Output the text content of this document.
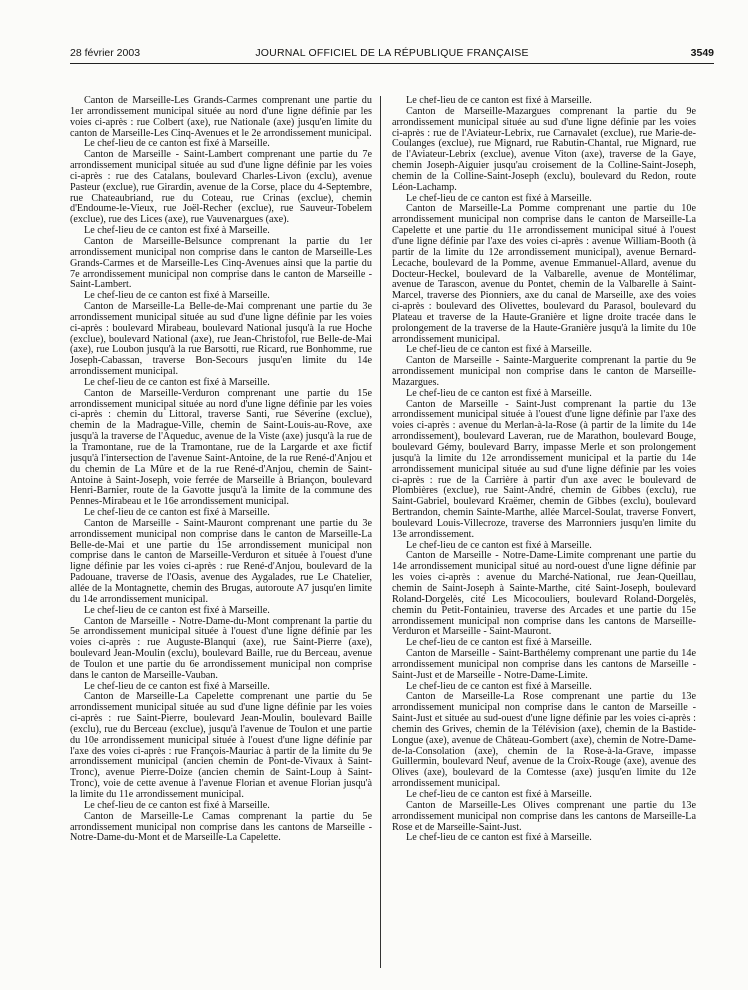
28 février 2003	JOURNAL OFFICIEL DE LA RÉPUBLIQUE FRANÇAISE	3549

Canton de Marseille-Les Grands-Carmes comprenant une partie du 1er arrondissement municipal située au nord d'une ligne définie par les voies ci-après : rue Colbert (axe), rue Nationale (axe) jusqu'en limite du canton de Marseille-Les Cinq-Avenues et le 2e arrondissement municipal.

Le chef-lieu de ce canton est fixé à Marseille.

Canton de Marseille - Saint-Lambert comprenant une partie du 7e arrondissement municipal située au sud d'une ligne définie par les voies ci-après : rue des Catalans, boulevard Charles-Livon (exclu), avenue Pasteur (exclue), rue Girardin, avenue de la Corse, place du 4-Septembre, rue Chateaubriand, rue du Coteau, rue Crinas (exclue), chemin d'Endoume-le-Vieux, rue Joël-Recher (exclue), rue Sauveur-Tobelem (exclue), rue des Lices (axe), rue Vauvenargues (axe).

Le chef-lieu de ce canton est fixé à Marseille.

Canton de Marseille-Belsunce comprenant la partie du 1er arrondissement municipal non comprise dans le canton de Marseille-Les Grands-Carmes et de Marseille-Les Cinq-Avenues ainsi que la partie du 7e arrondissement municipal non comprise dans le canton de Marseille - Saint-Lambert.

Le chef-lieu de ce canton est fixé à Marseille.

Canton de Marseille-La Belle-de-Mai comprenant une partie du 3e arrondissement municipal située au sud d'une ligne définie par les voies ci-après : boulevard Mirabeau, boulevard National jusqu'à la rue Hoche (exclue), boulevard National (axe), rue Jean-Christofol, rue Belle-de-Mai (axe), rue Loubon jusqu'à la rue Barsotti, rue Ricard, rue Bonhomme, rue Joseph-Cabassan, traverse Bon-Secours jusqu'en limite du 14e arrondissement municipal.

Le chef-lieu de ce canton est fixé à Marseille.

Canton de Marseille-Verduron comprenant une partie du 15e arrondissement municipal située au nord d'une ligne définie par les voies ci-après : chemin du Littoral, traverse Santi, rue Séverine (exclue), chemin de la Madrague-Ville, chemin de Saint-Louis-au-Rove, axe jusqu'à la traverse de l'Aqueduc, avenue de la Viste (axe) jusqu'à la rue de la Tramontane, rue de la Tramontane, rue de la Largarde et axe fictif jusqu'à l'intersection de l'avenue Saint-Antoine, de la rue René-d'Anjou et du chemin de La Mûre et de la rue René-d'Anjou, chemin de Saint-Antoine à Saint-Joseph, voie ferrée de Marseille à Briançon, boulevard Henri-Barnier, route de la Gavotte jusqu'à la limite de la commune des Pennes-Mirabeau et le 16e arrondissement municipal.

Le chef-lieu de ce canton est fixé à Marseille.

Canton de Marseille - Saint-Mauront comprenant une partie du 3e arrondissement municipal non comprise dans le canton de Marseille-La Belle-de-Mai et une partie du 15e arrondissement municipal non comprise dans le canton de Marseille-Verduron et située à l'ouest d'une ligne définie par les voies ci-après : rue René-d'Anjou, boulevard de la Padouane, traverse de l'Oasis, avenue des Aygalades, rue Le Chatelier, allée de la Montagnette, chemin des Brugas, autoroute A7 jusqu'en limite du 14e arrondissement municipal.

Le chef-lieu de ce canton est fixé à Marseille.

Canton de Marseille - Notre-Dame-du-Mont comprenant la partie du 5e arrondissement municipal située à l'ouest d'une ligne définie par les voies ci-après : rue Auguste-Blanqui (axe), rue Saint-Pierre (axe), boulevard Jean-Moulin (exclu), boulevard Baille, rue du Berceau, avenue de Toulon et une partie du 6e arrondissement municipal non comprise dans le canton de Marseille-Vauban.

Le chef-lieu de ce canton est fixé à Marseille.

Canton de Marseille-La Capelette comprenant une partie du 5e arrondissement municipal située au sud d'une ligne définie par les voies ci-après : rue Saint-Pierre, boulevard Jean-Moulin, boulevard Baille (exclu), rue du Berceau (exclue), jusqu'à l'avenue de Toulon et une partie du 10e arrondissement municipal située à l'ouest d'une ligne définie par l'axe des voies ci-après : rue François-Mauriac à partir de la limite du 9e arrondissement municipal (ancien chemin de Pont-de-Vivaux à Saint-Tronc), avenue Pierre-Doize (ancien chemin de Saint-Loup à Saint-Tronc), voie de cette avenue à l'avenue Florian et avenue Florian jusqu'à la limite du 11e arrondissement municipal.

Le chef-lieu de ce canton est fixé à Marseille.

Canton de Marseille-Le Camas comprenant la partie du 5e arrondissement municipal non comprise dans les cantons de Marseille - Notre-Dame-du-Mont et de Marseille-La Capelette.

Le chef-lieu de ce canton est fixé à Marseille.

Canton de Marseille-Mazargues comprenant la partie du 9e arrondissement municipal située au sud d'une ligne définie par les voies ci-après : rue de l'Aviateur-Lebrix, rue Carnavalet (exclue), rue Marie-de-Coulanges (exclue), rue Mignard, rue Rabutin-Chantal, rue Mignard, rue de l'Aviateur-Lebrix (exclue), avenue Viton (axe), traverse de la Gaye, chemin Joseph-Aiguier jusqu'au croisement de la Colline-Saint-Joseph, chemin de la Colline-Saint-Joseph (exclu), boulevard du Redon, route Léon-Lachamp.

Le chef-lieu de ce canton est fixé à Marseille.

Canton de Marseille-La Pomme comprenant une partie du 10e arrondissement municipal non comprise dans le canton de Marseille-La Capelette et une partie du 11e arrondissement municipal situé à l'ouest d'une ligne définie par l'axe des voies ci-après : avenue William-Booth (à partir de la limite du 12e arrondissement municipal), avenue Bernard-Lecache, boulevard de la Pomme, avenue Emmanuel-Allard, avenue du Docteur-Heckel, boulevard de la Valbarelle, avenue de Montélimar, avenue de Tarascon, avenue du Pontet, chemin de la Valbarelle à Saint-Marcel, traverse des Pionniers, axe du canal de Marseille, axe des voies ci-après : boulevard des Olivettes, boulevard du Parasol, boulevard du Plateau et traverse de la Haute-Granière et ligne droite tracée dans le prolongement de la traverse de la Haute-Granière jusqu'à la limite du 10e arrondissement municipal.

Le chef-lieu de ce canton est fixé à Marseille.

Canton de Marseille - Sainte-Marguerite comprenant la partie du 9e arrondissement municipal non comprise dans le canton de Marseille-Mazargues.

Le chef-lieu de ce canton est fixé à Marseille.

Canton de Marseille - Saint-Just comprenant la partie du 13e arrondissement municipal située à l'ouest d'une ligne définie par l'axe des voies ci-après : avenue du Merlan-à-la-Rose (à partir de la limite du 14e arrondissement), boulevard Laveran, rue de Marathon, boulevard Bouge, boulevard Gémy, boulevard Barry, impasse Merle et son prolongement jusqu'à la limite du 12e arrondissement municipal et la partie du 14e arrondissement municipal située au sud d'une ligne définie par les voies ci-après : rue de la Carrière à partir d'un axe avec le boulevard de Plombières (exclue), rue Saint-André, chemin de Gibbes (exclu), rue Saint-Gabriel, boulevard Kraëmer, chemin de Gibbes (exclu), boulevard Bertrandon, chemin Sainte-Marthe, allée Marcel-Soulat, traverse Fonvert, boulevard Louis-Villecroze, traverse des Marronniers jusqu'en limite du 13e arrondissement.

Le chef-lieu de ce canton est fixé à Marseille.

Canton de Marseille - Notre-Dame-Limite comprenant une partie du 14e arrondissement municipal situé au nord-ouest d'une ligne définie par les voies ci-après : avenue du Marché-National, rue Jean-Queillau, chemin de Saint-Joseph à Sainte-Marthe, cité Saint-Joseph, boulevard Roland-Dorgelès, cité Les Micocouliers, boulevard Roland-Dorgelès, chemin du Petit-Fontainieu, traverse des Arcades et une partie du 15e arrondissement municipal non comprise dans les cantons de Marseille-Verduron et Marseille - Saint-Mauront.

Le chef-lieu de ce canton est fixé à Marseille.

Canton de Marseille - Saint-Barthélemy comprenant une partie du 14e arrondissement municipal non comprise dans les cantons de Marseille - Saint-Just et de Marseille - Notre-Dame-Limite.

Le chef-lieu de ce canton est fixé à Marseille.

Canton de Marseille-La Rose comprenant une partie du 13e arrondissement municipal non comprise dans le canton de Marseille - Saint-Just et située au sud-ouest d'une ligne définie par les voies ci-après : chemin des Grives, chemin de la Télévision (axe), chemin de la Bastide-Longue (axe), avenue de Château-Gombert (axe), chemin de Notre-Dame-de-la-Consolation (axe), chemin de la Rose-à-la-Grave, impasse Guillermin, boulevard Neuf, avenue de la Croix-Rouge (axe), avenue des Olives (axe), boulevard de la Comtesse (axe) jusqu'en limite du 12e arrondissement municipal.

Le chef-lieu de ce canton est fixé à Marseille.

Canton de Marseille-Les Olives comprenant une partie du 13e arrondissement municipal non comprise dans les cantons de Marseille-La Rose et de Marseille-Saint-Just.

Le chef-lieu de ce canton est fixé à Marseille.
